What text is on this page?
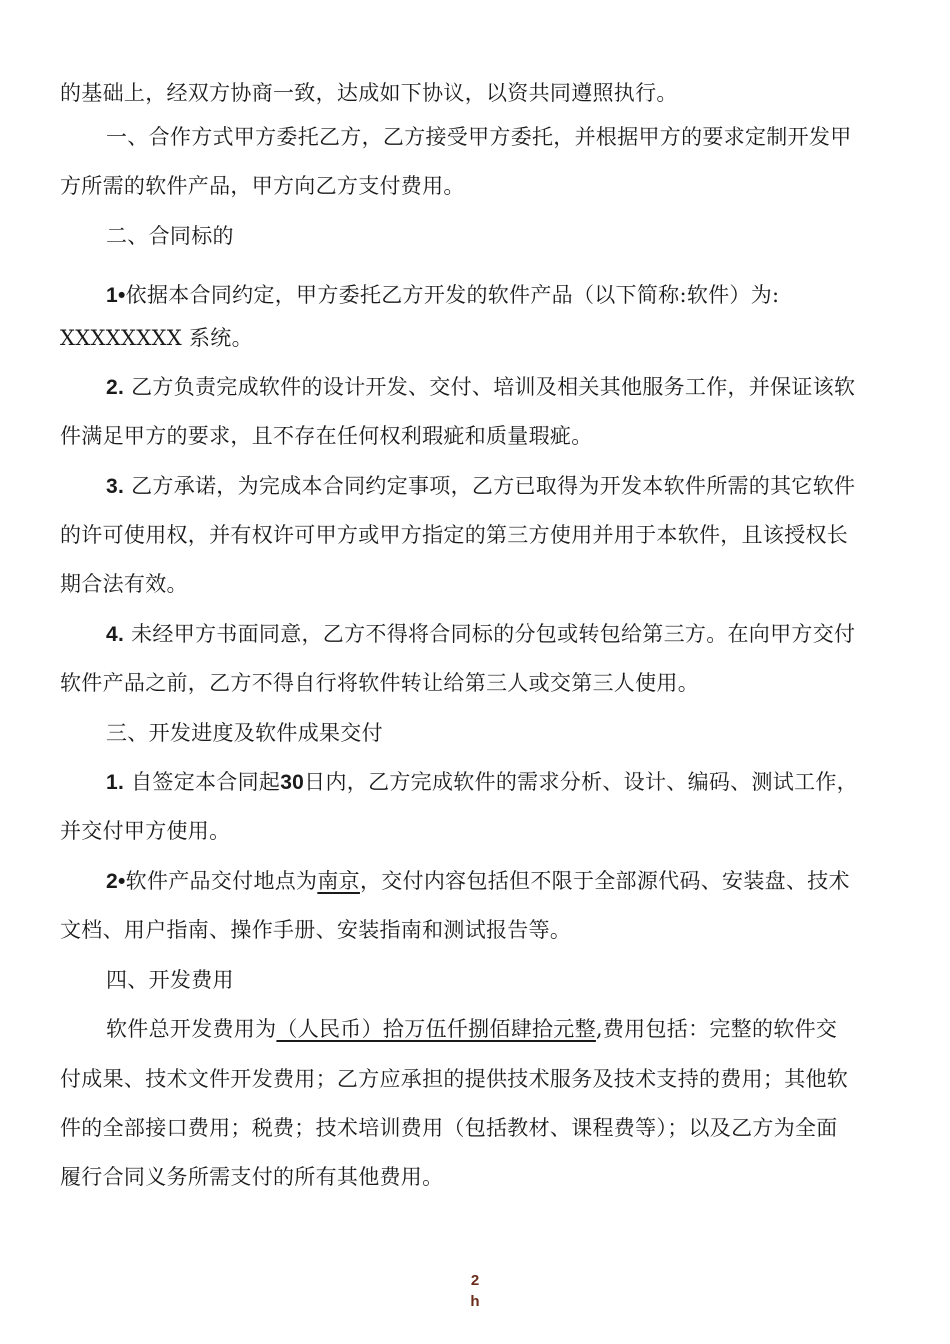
的基础上，经双方协商一致，达成如下协议，以资共同遵照执行。
一、合作方式甲方委托乙方，乙方接受甲方委托，并根据甲方的要求定制开发甲
方所需的软件产品，甲方向乙方支付费用。
二、合同标的
1•依据本合同约定，甲方委托乙方开发的软件产品（以下简称:软件）为:
XXXXXXXX 系统。
2. 乙方负责完成软件的设计开发、交付、培训及相关其他服务工作，并保证该软
件满足甲方的要求，且不存在任何权利瑕疵和质量瑕疵。
3. 乙方承诺，为完成本合同约定事项，乙方已取得为开发本软件所需的其它软件
的许可使用权，并有权许可甲方或甲方指定的第三方使用并用于本软件，且该授权长
期合法有效。
4. 未经甲方书面同意，乙方不得将合同标的分包或转包给第三方。在向甲方交付
软件产品之前，乙方不得自行将软件转让给第三人或交第三人使用。
三、开发进度及软件成果交付
1. 自签定本合同起30日内，乙方完成软件的需求分析、设计、编码、测试工作，
并交付甲方使用。
2•软件产品交付地点为南京，交付内容包括但不限于全部源代码、安装盘、技术
文档、用户指南、操作手册、安装指南和测试报告等。
四、开发费用
软件总开发费用为（人民币）拾万伍仟捌佰肆拾元整,费用包括：完整的软件交
付成果、技术文件开发费用；乙方应承担的提供技术服务及技术支持的费用；其他软
件的全部接口费用；税费；技术培训费用（包括教材、课程费等）；以及乙方为全面
履行合同义务所需支付的所有其他费用。
2
h
